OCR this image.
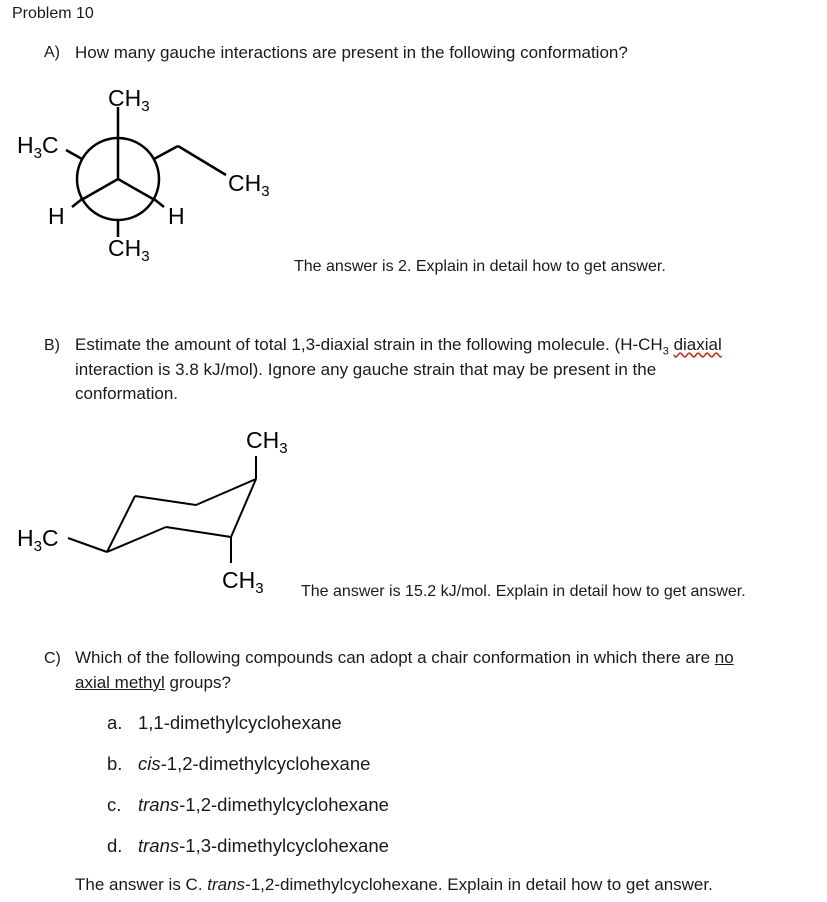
Problem 10
A) How many gauche interactions are present in the following conformation?
$CH_3$
$H_3C$
$CH_3$
H	H
$CH_3$
The answer is 2. Explain in detail how to get answer.
B) Estimate the amount of total 1,3-diaxial strain in the following molecule. ($H-CH_3$ diaxial
interaction is 3.8 kJ/mol). Ignore any gauche strain that may be present in the
conformation.
$CH_3$
$H_3C$
$CH_3$ The answer is 15.2 kJ/mol. Explain in detail how to get answer.
C) Which of the following compounds can adopt a chair conformation in which there are no
axial methyl groups?
a. 1,1-dimethylcyclohexane
b. cis-1,2-dimethylcyclohexane
c. trans-1,2-dimethylcyclohexane
d. trans-1,3-dimethylcyclohexane
The answer is C. trans-1,2-dimethylcyclohexane. Explain in detail how to get answer.
